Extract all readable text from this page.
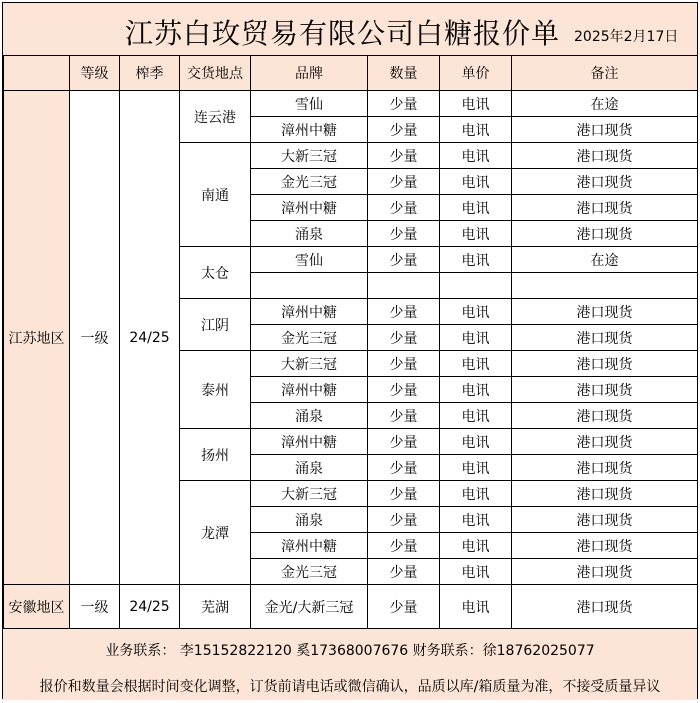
江苏白玫贸易有限公司白糖报价单 2025年2月17日
	等级	榨季	交货地点	品牌	数量	单价	备注
江苏地区	一级	24/25	连云港	雪仙	少量	电讯	在途
				漳州中糖	少量	电讯	港口现货
			南通	大新三冠	少量	电讯	港口现货
				金光三冠	少量	电讯	港口现货
				漳州中糖	少量	电讯	港口现货
				涌泉	少量	电讯	港口现货
			太仓	雪仙	少量	电讯	在途

			江阴	漳州中糖	少量	电讯	港口现货
				金光三冠	少量	电讯	港口现货
			泰州	大新三冠	少量	电讯	港口现货
				漳州中糖	少量	电讯	港口现货
				涌泉	少量	电讯	港口现货
			扬州	漳州中糖	少量	电讯	港口现货
				涌泉	少量	电讯	港口现货
			龙潭	大新三冠	少量	电讯	港口现货
				涌泉	少量	电讯	港口现货
				漳州中糖	少量	电讯	港口现货
				金光三冠	少量	电讯	港口现货
安徽地区	一级	24/25	芜湖	金光/大新三冠	少量	电讯	港口现货
业务联系： 李15152822120 奚17368007676 财务联系：徐18762025077
报价和数量会根据时间变化调整，订货前请电话或微信确认，品质以库/箱质量为准，不接受质量异议
